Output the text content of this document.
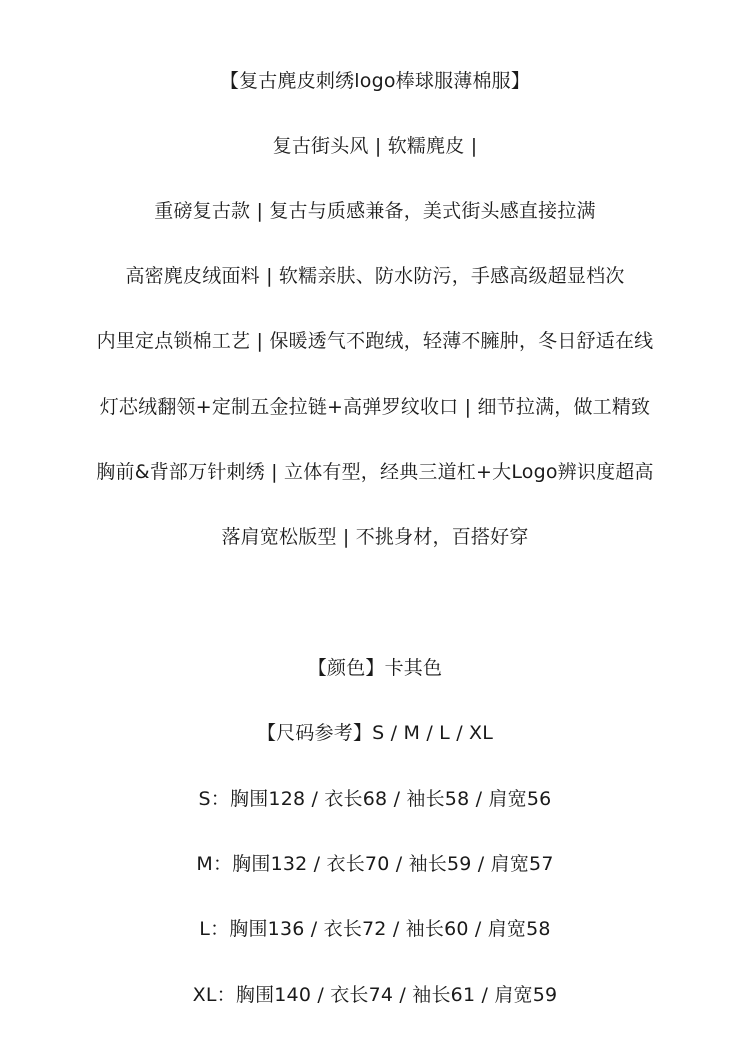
【复古麂皮刺绣logo棒球服薄棉服】
复古街头风 | 软糯麂皮 |
重磅复古款 | 复古与质感兼备，美式街头感直接拉满
高密麂皮绒面料 | 软糯亲肤、防水防污，手感高级超显档次
内里定点锁棉工艺 | 保暖透气不跑绒，轻薄不臃肿，冬日舒适在线
灯芯绒翻领+定制五金拉链+高弹罗纹收口 | 细节拉满，做工精致
胸前&背部万针刺绣 | 立体有型，经典三道杠+大Logo辨识度超高
落肩宽松版型 | 不挑身材，百搭好穿
【颜色】卡其色
【尺码参考】S / M / L / XL
S：胸围128 / 衣长68 / 袖长58 / 肩宽56
M：胸围132 / 衣长70 / 袖长59 / 肩宽57
L：胸围136 / 衣长72 / 袖长60 / 肩宽58
XL：胸围140 / 衣长74 / 袖长61 / 肩宽59
